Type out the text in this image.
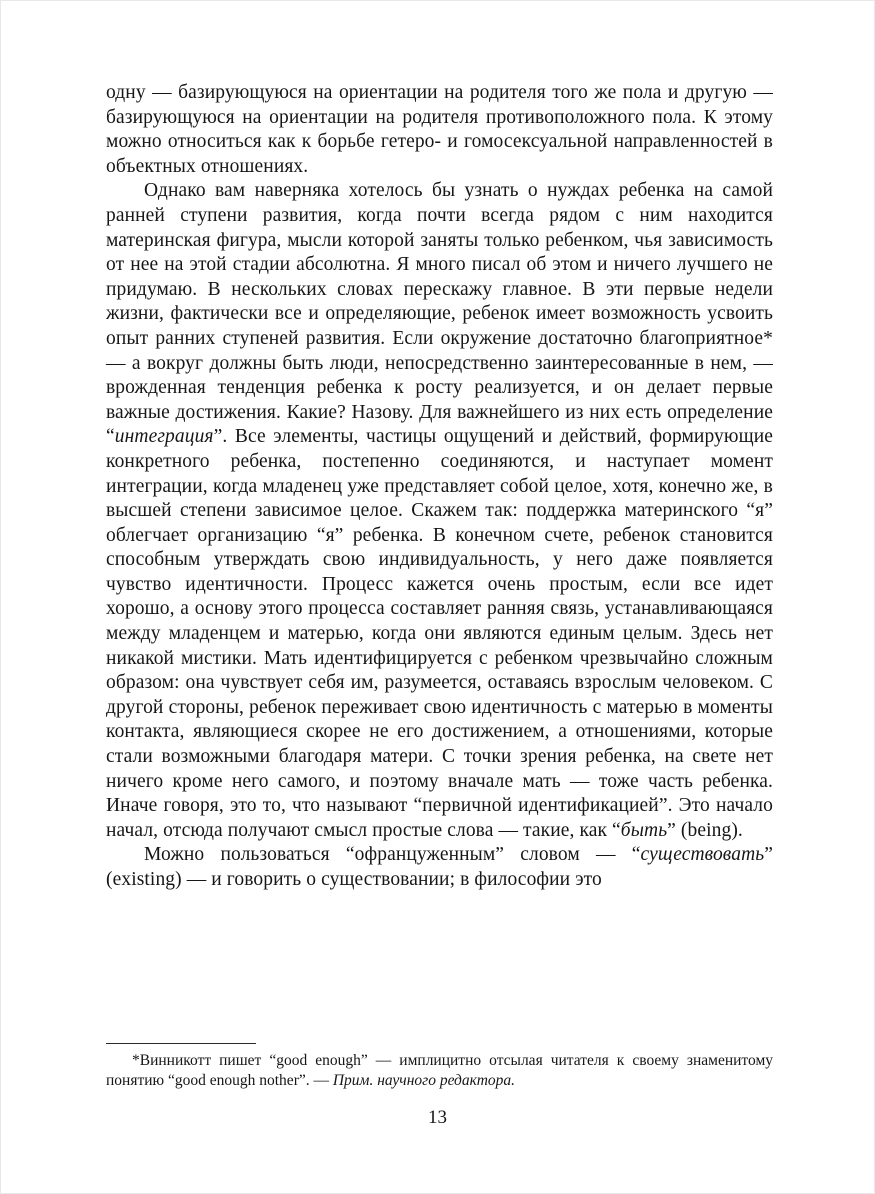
одну — базирующуюся на ориентации на родителя того же пола и другую — базирующуюся на ориентации на родителя противоположного пола. К этому можно относиться как к борьбе гетеро- и гомосексуальной направленностей в объектных отношениях.

Однако вам наверняка хотелось бы узнать о нуждах ребенка на самой ранней ступени развития, когда почти всегда рядом с ним находится материнская фигура, мысли которой заняты только ребенком, чья зависимость от нее на этой стадии абсолютна. Я много писал об этом и ничего лучшего не придумаю. В нескольких словах перескажу главное. В эти первые недели жизни, фактически все и определяющие, ребенок имеет возможность усвоить опыт ранних ступеней развития. Если окружение достаточно благоприятное* — а вокруг должны быть люди, непосредственно заинтересованные в нем, — врожденная тенденция ребенка к росту реализуется, и он делает первые важные достижения. Какие? Назову. Для важнейшего из них есть определение “интеграция”. Все элементы, частицы ощущений и действий, формирующие конкретного ребенка, постепенно соединяются, и наступает момент интеграции, когда младенец уже представляет собой целое, хотя, конечно же, в высшей степени зависимое целое. Скажем так: поддержка материнского “я” облегчает организацию “я” ребенка. В конечном счете, ребенок становится способным утверждать свою индивидуальность, у него даже появляется чувство идентичности. Процесс кажется очень простым, если все идет хорошо, а основу этого процесса составляет ранняя связь, устанавливающаяся между младенцем и матерью, когда они являются единым целым. Здесь нет никакой мистики. Мать идентифицируется с ребенком чрезвычайно сложным образом: она чувствует себя им, разумеется, оставаясь взрослым человеком. С другой стороны, ребенок переживает свою идентичность с матерью в моменты контакта, являющиеся скорее не его достижением, а отношениями, которые стали возможными благодаря матери. С точки зрения ребенка, на свете нет ничего кроме него самого, и поэтому вначале мать — тоже часть ребенка. Иначе говоря, это то, что называют “первичной идентификацией”. Это начало начал, отсюда получают смысл простые слова — такие, как “быть” (being).

Можно пользоваться “офранцуженным” словом — “существовать” (existing) — и говорить о существовании; в философии это

*Винникотт пишет “good enough” — имплицитно отсылая читателя к своему знаменитому понятию “good enough nother”. — Прим. научного редактора.

13
